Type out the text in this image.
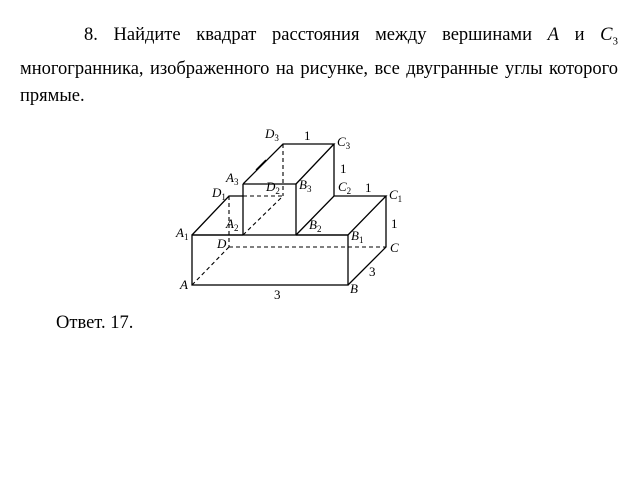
8. Найдите квадрат расстояния между вершинами A и $C_3$ многогранника, изображенного на рисунке, все двугранные углы которого прямые.

$D_3$	$C_3$
$A_3$	$B_3$
$D_2$	$C_2$
$D_1$	$C_1$
$A_2$	$B_2$
$A_1$	$B_1$
D	C
A	B
1
1
1
1
3
3

Ответ. 17.
